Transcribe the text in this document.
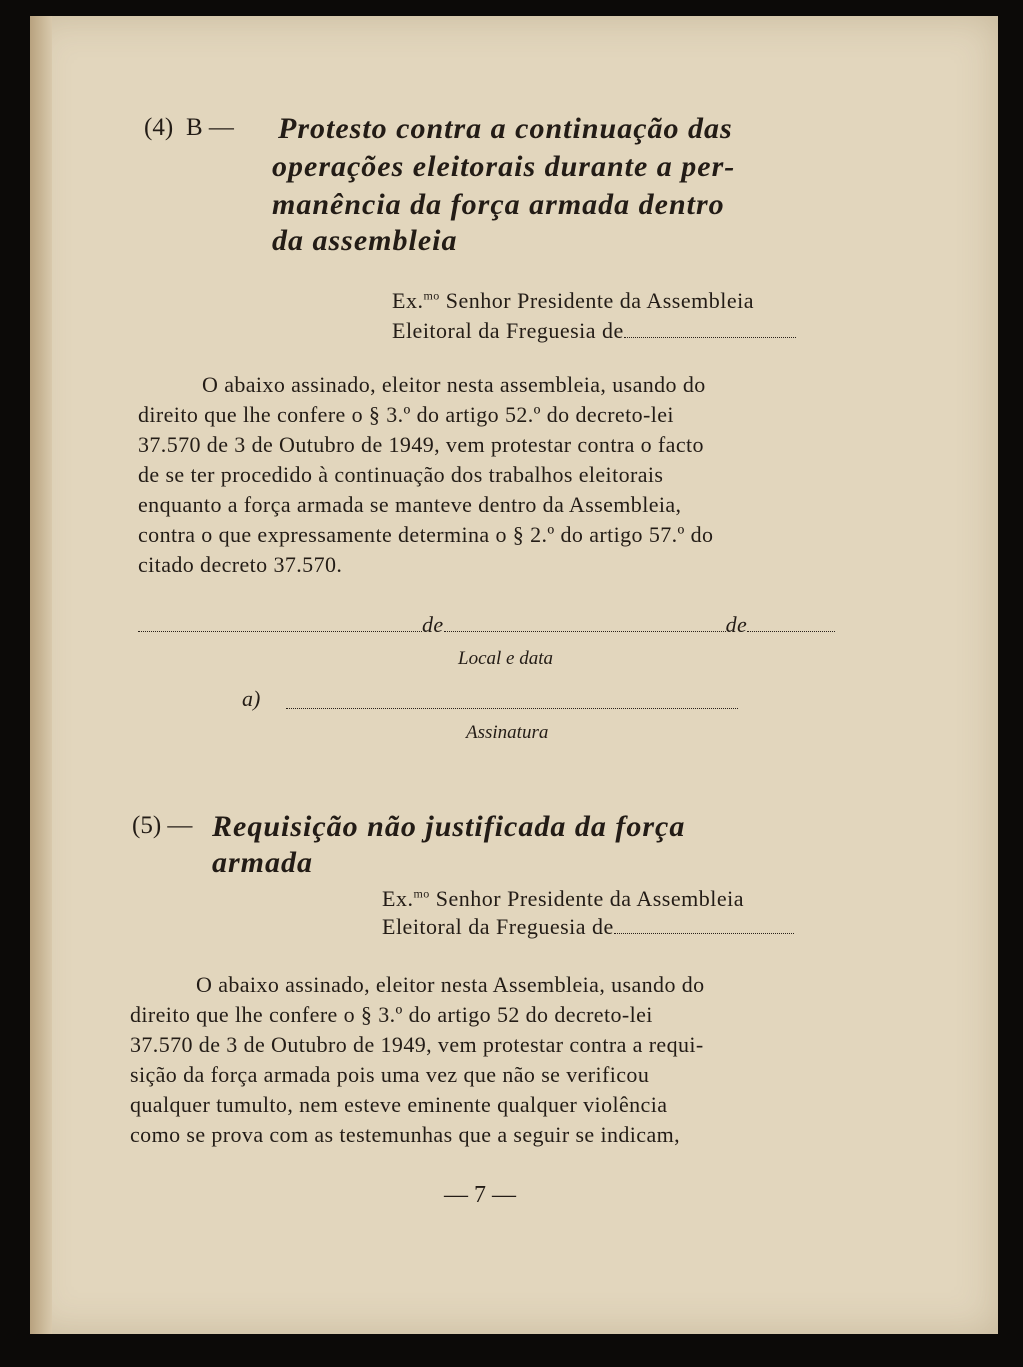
(4) B — Protesto contra a continuação das
operações eleitorais durante a per-
manência da força armada dentro
da assembleia
Ex.$^{mo}$ Senhor Presidente da Assembleia
Eleitoral da Freguesia de
O abaixo assinado, eleitor nesta assembleia, usando do
direito que lhe confere o § 3.º do artigo 52.º do decreto-lei
37.570 de 3 de Outubro de 1949, vem protestar contra o facto
de se ter procedido à continuação dos trabalhos eleitorais
enquanto a força armada se manteve dentro da Assembleia,
contra o que expressamente determina o § 2.º do artigo 57.º do
citado decreto 37.570.
de	de
Local e data
a)
Assinatura
(5) — Requisição não justificada da força
armada
Ex.$^{mo}$ Senhor Presidente da Assembleia
Eleitoral da Freguesia de
O abaixo assinado, eleitor nesta Assembleia, usando do
direito que lhe confere o § 3.º do artigo 52 do decreto-lei
37.570 de 3 de Outubro de 1949, vem protestar contra a requi-
sição da força armada pois uma vez que não se verificou
qualquer tumulto, nem esteve eminente qualquer violência
como se prova com as testemunhas que a seguir se indicam,
— 7 —
